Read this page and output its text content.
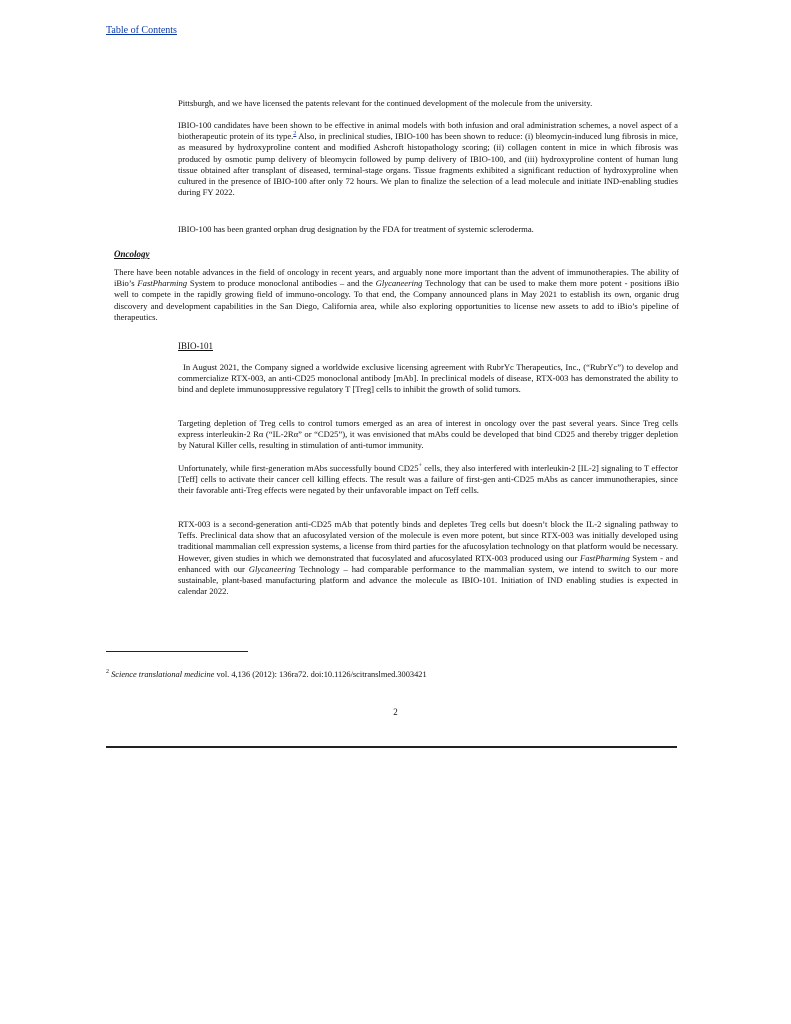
Table of Contents

Pittsburgh, and we have licensed the patents relevant for the continued development of the molecule from the university.

IBIO-100 candidates have been shown to be effective in animal models with both infusion and oral administration schemes, a novel aspect of a biotherapeutic protein of its type.$^2$ Also, in preclinical studies, IBIO-100 has been shown to reduce: (i) bleomycin-induced lung fibrosis in mice, as measured by hydroxyproline content and modified Ashcroft histopathology scoring; (ii) collagen content in mice in which fibrosis was produced by osmotic pump delivery of bleomycin followed by pump delivery of IBIO-100, and (iii) hydroxyproline content of human lung tissue obtained after transplant of diseased, terminal-stage organs. Tissue fragments exhibited a significant reduction of hydroxyproline when cultured in the presence of IBIO-100 after only 72 hours. We plan to finalize the selection of a lead molecule and initiate IND-enabling studies during FY 2022.

IBIO-100 has been granted orphan drug designation by the FDA for treatment of systemic scleroderma.

Oncology

There have been notable advances in the field of oncology in recent years, and arguably none more important than the advent of immunotherapies. The ability of iBio’s FastPharming System to produce monoclonal antibodies – and the Glycaneering Technology that can be used to make them more potent - positions iBio well to compete in the rapidly growing field of immuno-oncology. To that end, the Company announced plans in May 2021 to establish its own, organic drug discovery and development capabilities in the San Diego, California area, while also exploring opportunities to license new assets to add to iBio’s pipeline of therapeutics.

IBIO-101

In August 2021, the Company signed a worldwide exclusive licensing agreement with RubrYc Therapeutics, Inc., (“RubrYc”) to develop and commercialize RTX-003, an anti-CD25 monoclonal antibody [mAb]. In preclinical models of disease, RTX-003 has demonstrated the ability to bind and deplete immunosuppressive regulatory T [Treg] cells to inhibit the growth of solid tumors.

Targeting depletion of Treg cells to control tumors emerged as an area of interest in oncology over the past several years. Since Treg cells express interleukin-2 Rα (“IL-2Rα” or “CD25”), it was envisioned that mAbs could be developed that bind CD25 and thereby trigger depletion by Natural Killer cells, resulting in stimulation of anti-tumor immunity.

Unfortunately, while first-generation mAbs successfully bound CD25+ cells, they also interfered with interleukin-2 [IL-2] signaling to T effector [Teff] cells to activate their cancer cell killing effects. The result was a failure of first-gen anti-CD25 mAbs as cancer immunotherapies, since their favorable anti-Treg effects were negated by their unfavorable impact on Teff cells.

RTX-003 is a second-generation anti-CD25 mAb that potently binds and depletes Treg cells but doesn’t block the IL-2 signaling pathway to Teffs. Preclinical data show that an afucosylated version of the molecule is even more potent, but since RTX-003 was initially developed using traditional mammalian cell expression systems, a license from third parties for the afucosylation technology on that platform would be necessary. However, given studies in which we demonstrated that fucosylated and afucosylated RTX-003 produced using our FastPharming System - and enhanced with our Glycaneering Technology – had comparable performance to the mammalian system, we intend to switch to our more sustainable, plant-based manufacturing platform and advance the molecule as IBIO-101. Initiation of IND enabling studies is expected in calendar 2022.

$^2$ Science translational medicine vol. 4,136 (2012): 136ra72. doi:10.1126/scitranslmed.3003421
2
